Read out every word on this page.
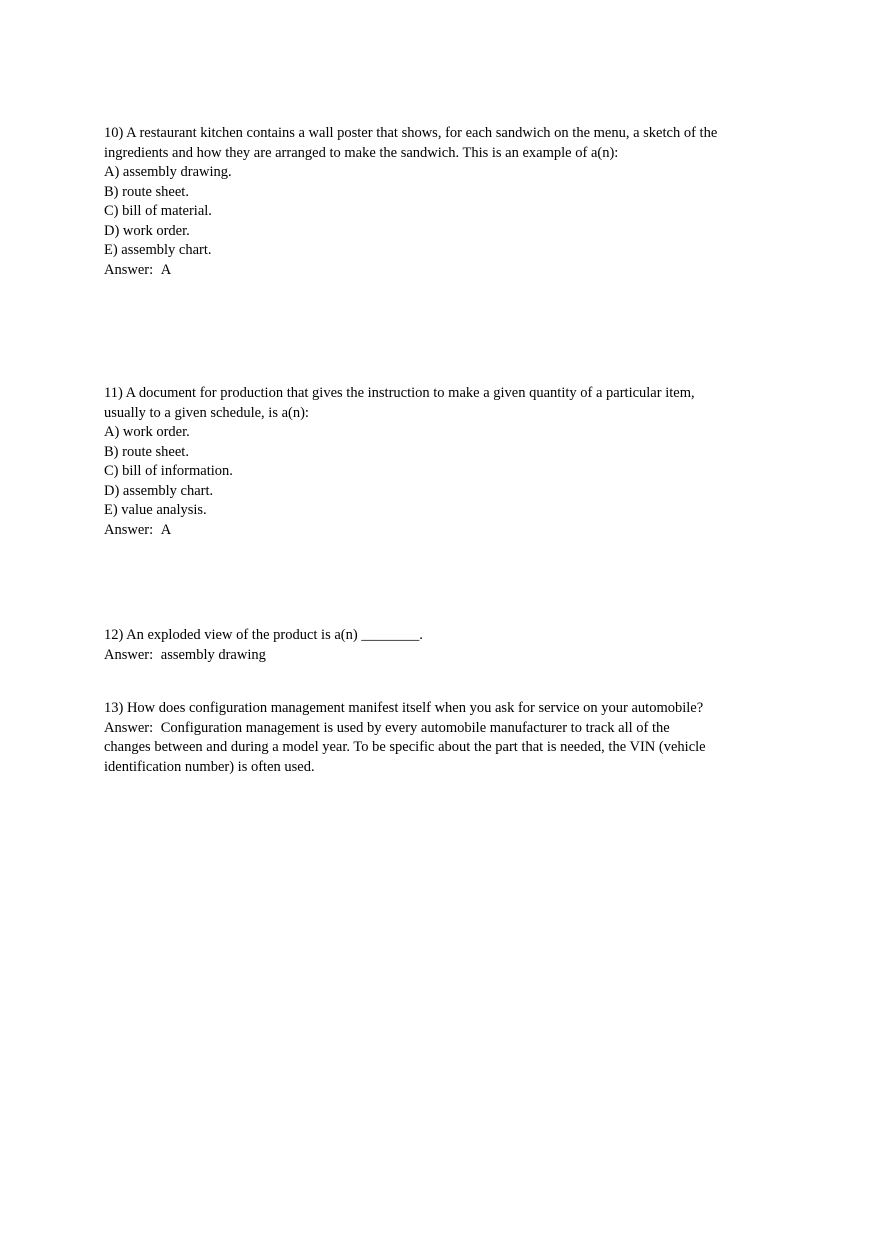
10) A restaurant kitchen contains a wall poster that shows, for each sandwich on the menu, a sketch of the
ingredients and how they are arranged to make the sandwich. This is an example of a(n):
A) assembly drawing.
B) route sheet.
C) bill of material.
D) work order.
E) assembly chart.
Answer: A
11) A document for production that gives the instruction to make a given quantity of a particular item,
usually to a given schedule, is a(n):
A) work order.
B) route sheet.
C) bill of information.
D) assembly chart.
E) value analysis.
Answer: A
12) An exploded view of the product is a(n) ________.
Answer: assembly drawing
13) How does configuration management manifest itself when you ask for service on your automobile?
Answer: Configuration management is used by every automobile manufacturer to track all of the
changes between and during a model year. To be specific about the part that is needed, the VIN (vehicle
identification number) is often used.
